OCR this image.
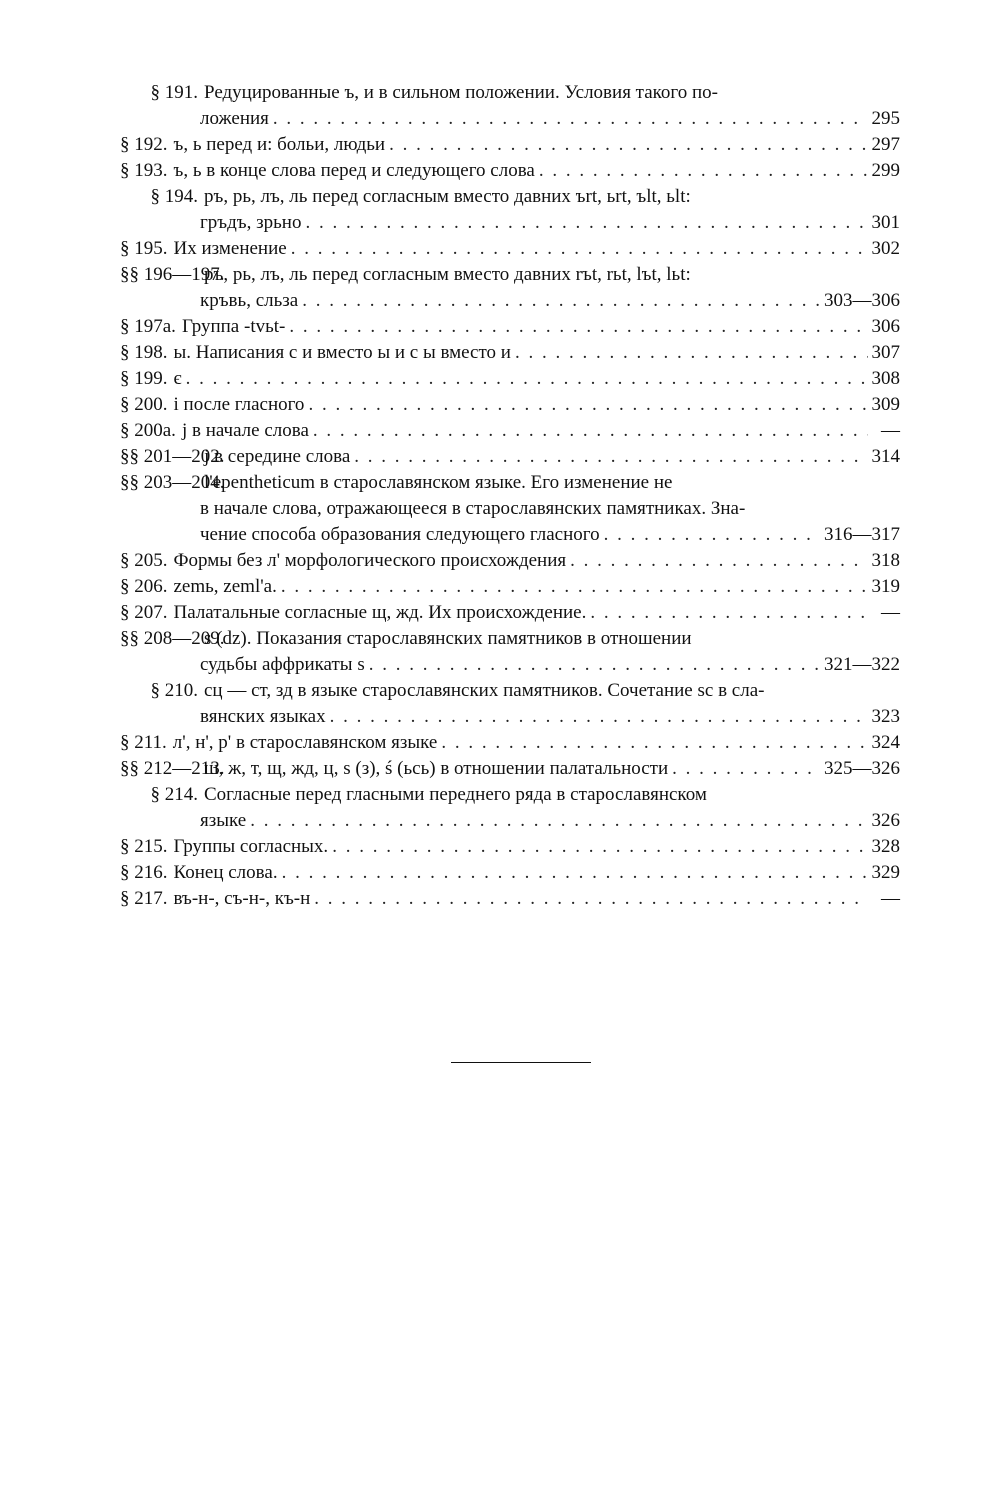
§ 191. Редуцированные ъ, и в сильном положении. Условия такого по-
ложения . . .	295
§ 192. ъ, ь перед и: больи, людьи . . .	297
§ 193. ъ, ь в конце слова перед и следующего слова . . .	299
§ 194. ръ, рь, лъ, ль перед согласным вместо давних ъrt, ьrt, ъlt, ьlt:
гръдъ, зрьно . . .	301
§ 195. Их изменение . . .	302
§§ 196—197.
ръ, рь, лъ, ль перед согласным вместо давних rъt, rьt, lъt, lьt:
кръвь, сльза . . .	303—306
§ 197а. Группа -tvьt- . . .	306
§ 198. ы. Написания с и вместо ы и с ы вместо и . . .	307
§ 199. є . . .	308
§ 200. і после гласного . . .	309
§ 200а. j в начале слова . . .	—
§§ 201—202.
j в середине слова . . .	314
§§ 203—204.
l'epentheticum в старославянском языке. Его изменение не
в начале слова, отражающееся в старославянских памятниках. Зна-
чение способа образования следующего гласного . . .	316—317
§ 205. Формы без л' морфологического происхождения . . .	318
§ 206. zemь, zeml'a. . . .	319
§ 207. Палатальные согласные щ, жд. Их происхождение. . . .	—
§§ 208—209.
ѕ (dz). Показания старославянских памятников в отношении
судьбы аффрикаты ѕ . . .	321—322
§ 210. сц — ст, зд в языке старославянских памятников. Сочетание sc в сла-
вянских языках . . .	323
§ 211. л', н', р' в старославянском языке . . .	324
§§ 212—213.
ш, ж, т, щ, жд, ц, ѕ (з), ś (ьсь) в отношении палатальности . . .	325—326
§ 214. Согласные перед гласными переднего ряда в старославянском
языке . . .	326
§ 215. Группы согласных. . . .	328
§ 216. Конец слова. . . .	329
§ 217. въ-н-, съ-н-, къ-н . . .	—
